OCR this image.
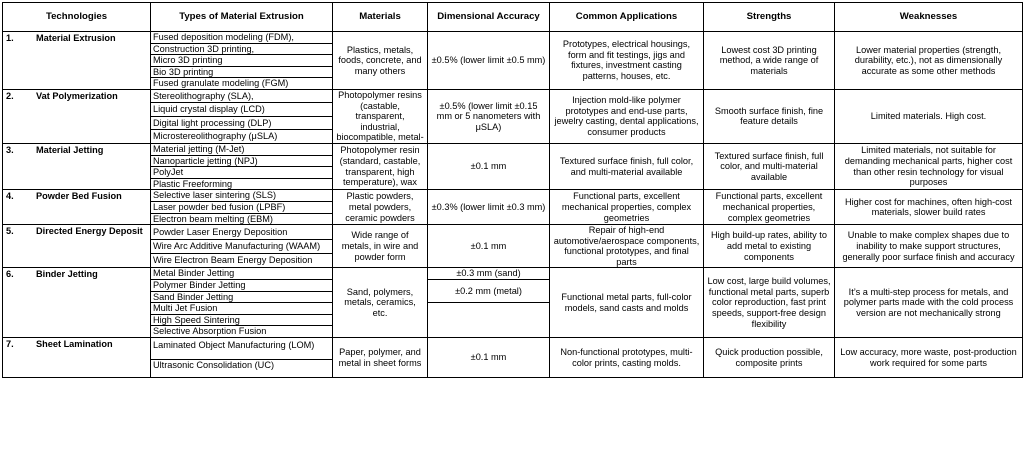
Technologies	Types of Material Extrusion	Materials	Dimensional Accuracy	Common Applications	Strengths	Weaknesses
1. Material Extrusion	Fused deposition modeling (FDM),	Plastics, metals, foods, concrete, and many others	±0.5% (lower limit ±0.5 mm)	Prototypes, electrical housings, form and fit testings, jigs and fixtures, investment casting patterns, houses, etc.	Lowest cost 3D printing method, a wide range of materials	Lower material properties (strength, durability, etc.), not as dimensionally accurate as some other methods
	Construction 3D printing,					
	Micro 3D printing					
	Bio 3D printing					
	Fused granulate modeling (FGM)					
2. Vat Polymerization	Stereolithography (SLA),	Photopolymer resins (castable, transparent, industrial, biocompatible, metal-	±0.5% (lower limit ±0.15 mm or 5 nanometers with μSLA)	Injection mold-like polymer prototypes and end-use parts, jewelry casting, dental applications, consumer products	Smooth surface finish, fine feature details	Limited materials. High cost.
	Liquid crystal display (LCD)					
	Digital light processing (DLP)					
	Microstereolithography (μSLA)					
3. Material Jetting	Material jetting (M-Jet)	Photopolymer resin (standard, castable, transparent, high temperature), wax	±0.1 mm	Textured surface finish, full color, and multi-material available	Textured surface finish, full color, and multi-material available	Limited materials, not suitable for demanding mechanical parts, higher cost than other resin technology for visual purposes
	Nanoparticle jetting (NPJ)					
	PolyJet					
	Plastic Freeforming					
4. Powder Bed Fusion	Selective laser sintering (SLS)	Plastic powders, metal powders, ceramic powders	±0.3% (lower limit ±0.3 mm)	Functional parts, excellent mechanical properties, complex geometries	Functional parts, excellent mechanical properties, complex geometries	Higher cost for machines, often high-cost materials, slower build rates
	Laser powder bed fusion (LPBF)					
	Electron beam melting (EBM)					
5. Directed Energy Deposit	Powder Laser Energy Deposition	Wide range of metals, in wire and powder form	±0.1 mm	Repair of high-end automotive/aerospace components, functional prototypes, and final parts	High build-up rates, ability to add metal to existing components	Unable to make complex shapes due to inability to make support structures, generally poor surface finish and accuracy
	Wire Arc Additive Manufacturing (WAAM)					
	Wire Electron Beam Energy Deposition					
6. Binder Jetting	Metal Binder Jetting	Sand, polymers, metals, ceramics, etc.	±0.3 mm (sand)	Functional metal parts, full-color models, sand casts and molds	Low cost, large build volumes, functional metal parts, superb color reproduction, fast print speeds, support-free design flexibility	It’s a multi-step process for metals, and polymer parts made with the cold process version are not mechanically strong
	Polymer Binder Jetting		±0.2 mm (metal)			
	Sand Binder Jetting					
	Multi Jet Fusion					
	High Speed Sintering					
	Selective Absorption Fusion					
7. Sheet Lamination	Laminated Object Manufacturing (LOM)	Paper, polymer, and metal in sheet forms	±0.1 mm	Non-functional prototypes, multi-color prints, casting molds.	Quick production possible, composite prints	Low accuracy, more waste, post-production work required for some parts
	Ultrasonic Consolidation (UC)					
